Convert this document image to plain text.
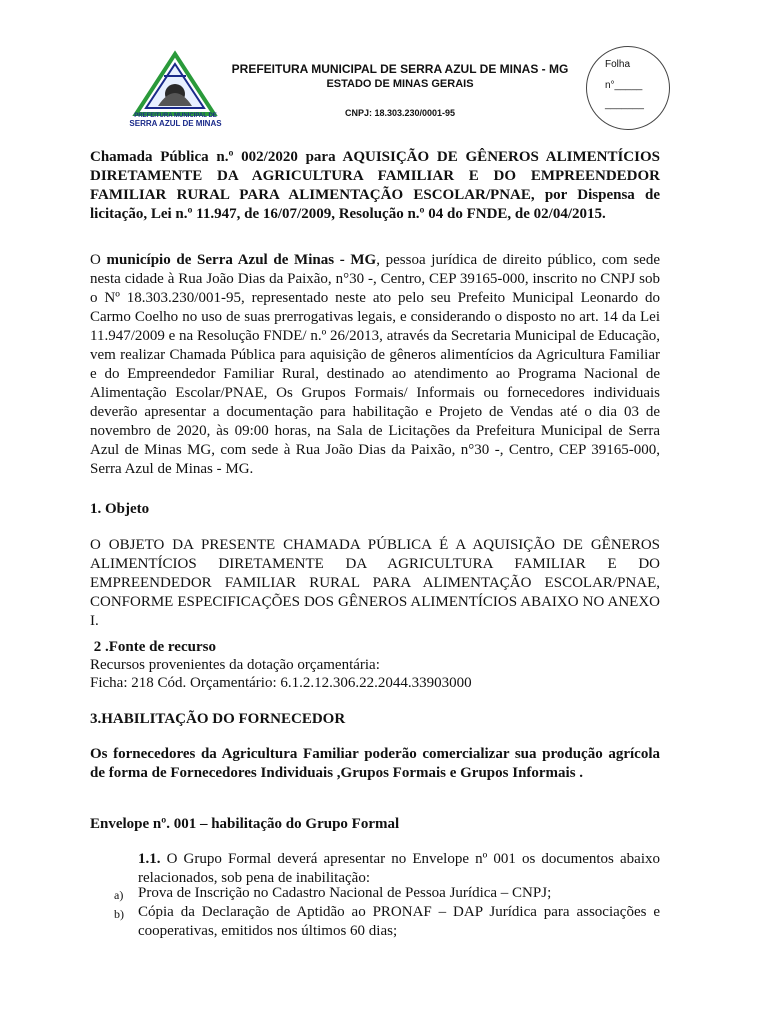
PREFEITURA MUNICIPAL DE
SERRA AZUL DE MINAS
PREFEITURA MUNICIPAL DE SERRA AZUL DE MINAS - MG
ESTADO DE MINAS GERAIS
CNPJ: 18.303.230/0001-95
Folha
n°_____
_______

Chamada Pública n.º 002/2020 para AQUISIÇÃO DE GÊNEROS ALIMENTÍCIOS DIRETAMENTE DA AGRICULTURA FAMILIAR E DO EMPREENDEDOR FAMILIAR RURAL PARA ALIMENTAÇÃO ESCOLAR/PNAE, por Dispensa de licitação, Lei n.º 11.947, de 16/07/2009, Resolução n.º 04 do FNDE, de 02/04/2015.

O município de Serra Azul de Minas - MG, pessoa jurídica de direito público, com sede nesta cidade à Rua João Dias da Paixão, n°30 -, Centro, CEP 39165-000, inscrito no CNPJ sob o Nº 18.303.230/001-95, representado neste ato pelo seu Prefeito Municipal Leonardo do Carmo Coelho no uso de suas prerrogativas legais, e considerando o disposto no art. 14 da Lei 11.947/2009 e na Resolução FNDE/ n.º 26/2013, através da Secretaria Municipal de Educação, vem realizar Chamada Pública para aquisição de gêneros alimentícios da Agricultura Familiar e do Empreendedor Familiar Rural, destinado ao atendimento ao Programa Nacional de Alimentação Escolar/PNAE, Os Grupos Formais/ Informais ou fornecedores individuais deverão apresentar a documentação para habilitação e Projeto de Vendas até o dia 03 de novembro de 2020, às 09:00 horas, na Sala de Licitações da Prefeitura Municipal de Serra Azul de Minas MG, com sede à Rua João Dias da Paixão, n°30 -, Centro, CEP 39165-000, Serra Azul de Minas - MG.

1. Objeto

O OBJETO DA PRESENTE CHAMADA PÚBLICA É A AQUISIÇÃO DE GÊNEROS ALIMENTÍCIOS DIRETAMENTE DA AGRICULTURA FAMILIAR E DO EMPREENDEDOR FAMILIAR RURAL PARA ALIMENTAÇÃO ESCOLAR/PNAE, CONFORME ESPECIFICAÇÕES DOS GÊNEROS ALIMENTÍCIOS ABAIXO NO ANEXO I.

2 .Fonte de recurso

Recursos provenientes da dotação orçamentária:

Ficha: 218 Cód. Orçamentário: 6.1.2.12.306.22.2044.33903000

3.HABILITAÇÃO DO FORNECEDOR

Os fornecedores da Agricultura Familiar poderão comercializar sua produção agrícola de forma de Fornecedores Individuais ,Grupos Formais e Grupos Informais .

Envelope nº. 001 – habilitação do Grupo Formal

1.1. O Grupo Formal deverá apresentar no Envelope nº 001 os documentos abaixo relacionados, sob pena de inabilitação:

a) Prova de Inscrição no Cadastro Nacional de Pessoa Jurídica – CNPJ;

b) Cópia da Declaração de Aptidão ao PRONAF – DAP Jurídica para associações e cooperativas, emitidos nos últimos 60 dias;
